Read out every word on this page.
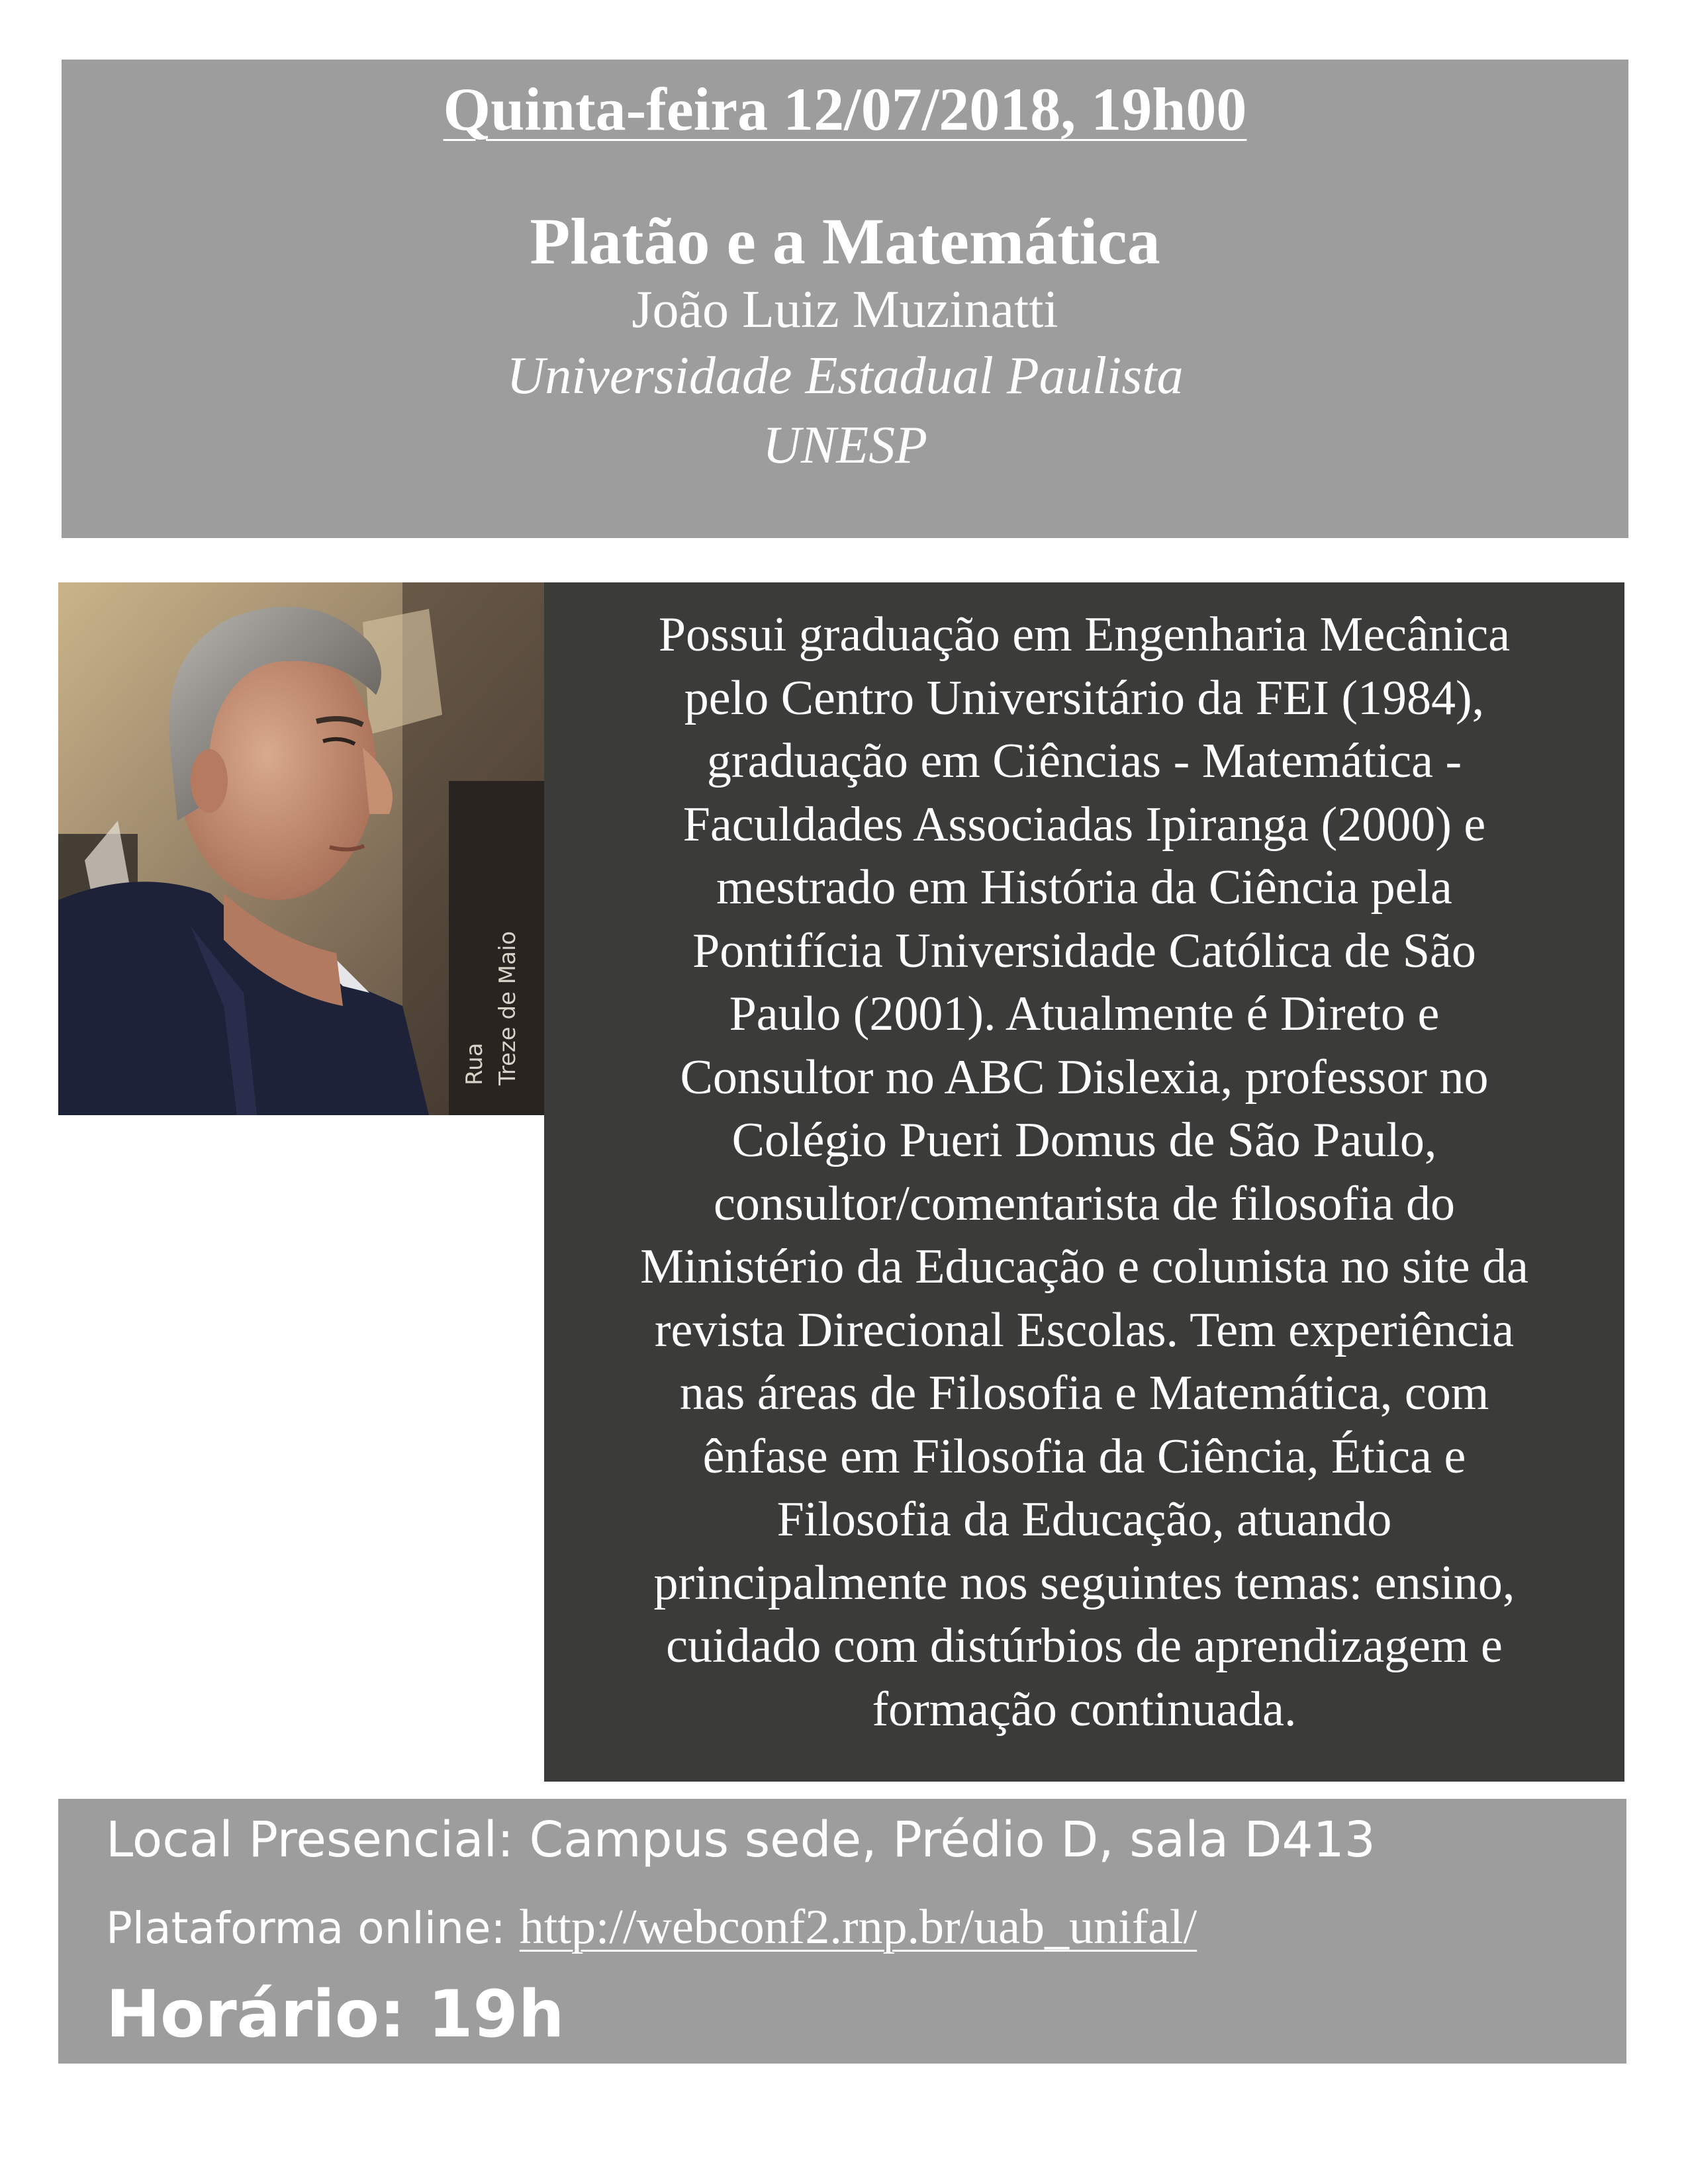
Quinta-feira 12/07/2018, 19h00
Platão e a Matemática
João Luiz Muzinatti
Universidade Estadual Paulista
UNESP
Rua Treze de Maio
Possui graduação em Engenharia Mecânica
pelo Centro Universitário da FEI (1984),
graduação em Ciências - Matemática -
Faculdades Associadas Ipiranga (2000) e
mestrado em História da Ciência pela
Pontifícia Universidade Católica de São
Paulo (2001). Atualmente é Direto e
Consultor no ABC Dislexia, professor no
Colégio Pueri Domus de São Paulo,
consultor/comentarista de filosofia do
Ministério da Educação e colunista no site da
revista Direcional Escolas. Tem experiência
nas áreas de Filosofia e Matemática, com
ênfase em Filosofia da Ciência, Ética e
Filosofia da Educação, atuando
principalmente nos seguintes temas: ensino,
cuidado com distúrbios de aprendizagem e
formação continuada.
Local Presencial: Campus sede, Prédio D, sala D413
Plataforma online: http://webconf2.rnp.br/uab_unifal/
Horário: 19h
